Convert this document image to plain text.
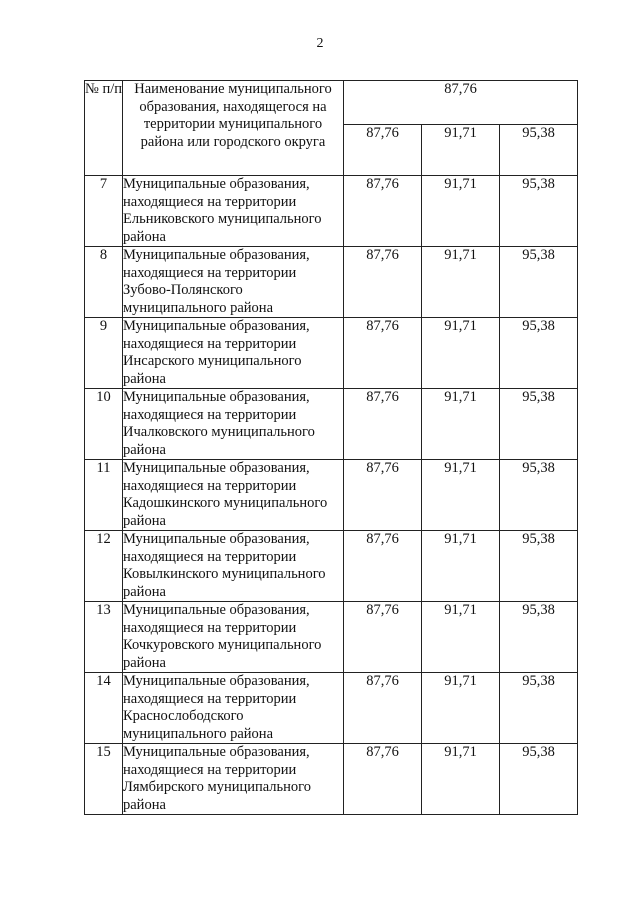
2
№ п/п	Наименование муниципального образования, находящегося на территории муниципального района или городского округа	87,76		
		87,76	91,71	95,38
7	Муниципальные образования, находящиеся на территории Ельниковского муниципального района	87,76	91,71	95,38
8	Муниципальные образования, находящиеся на территории Зубово-Полянского муниципального района	87,76	91,71	95,38
9	Муниципальные образования, находящиеся на территории Инсарского муниципального района	87,76	91,71	95,38
10	Муниципальные образования, находящиеся на территории Ичалковского муниципального района	87,76	91,71	95,38
11	Муниципальные образования, находящиеся на территории Кадошкинского муниципального района	87,76	91,71	95,38
12	Муниципальные образования, находящиеся на территории Ковылкинского муниципального района	87,76	91,71	95,38
13	Муниципальные образования, находящиеся на территории Кочкуровского муниципального района	87,76	91,71	95,38
14	Муниципальные образования, находящиеся на территории Краснослободского муниципального района	87,76	91,71	95,38
15	Муниципальные образования, находящиеся на территории Лямбирского муниципального района	87,76	91,71	95,38
